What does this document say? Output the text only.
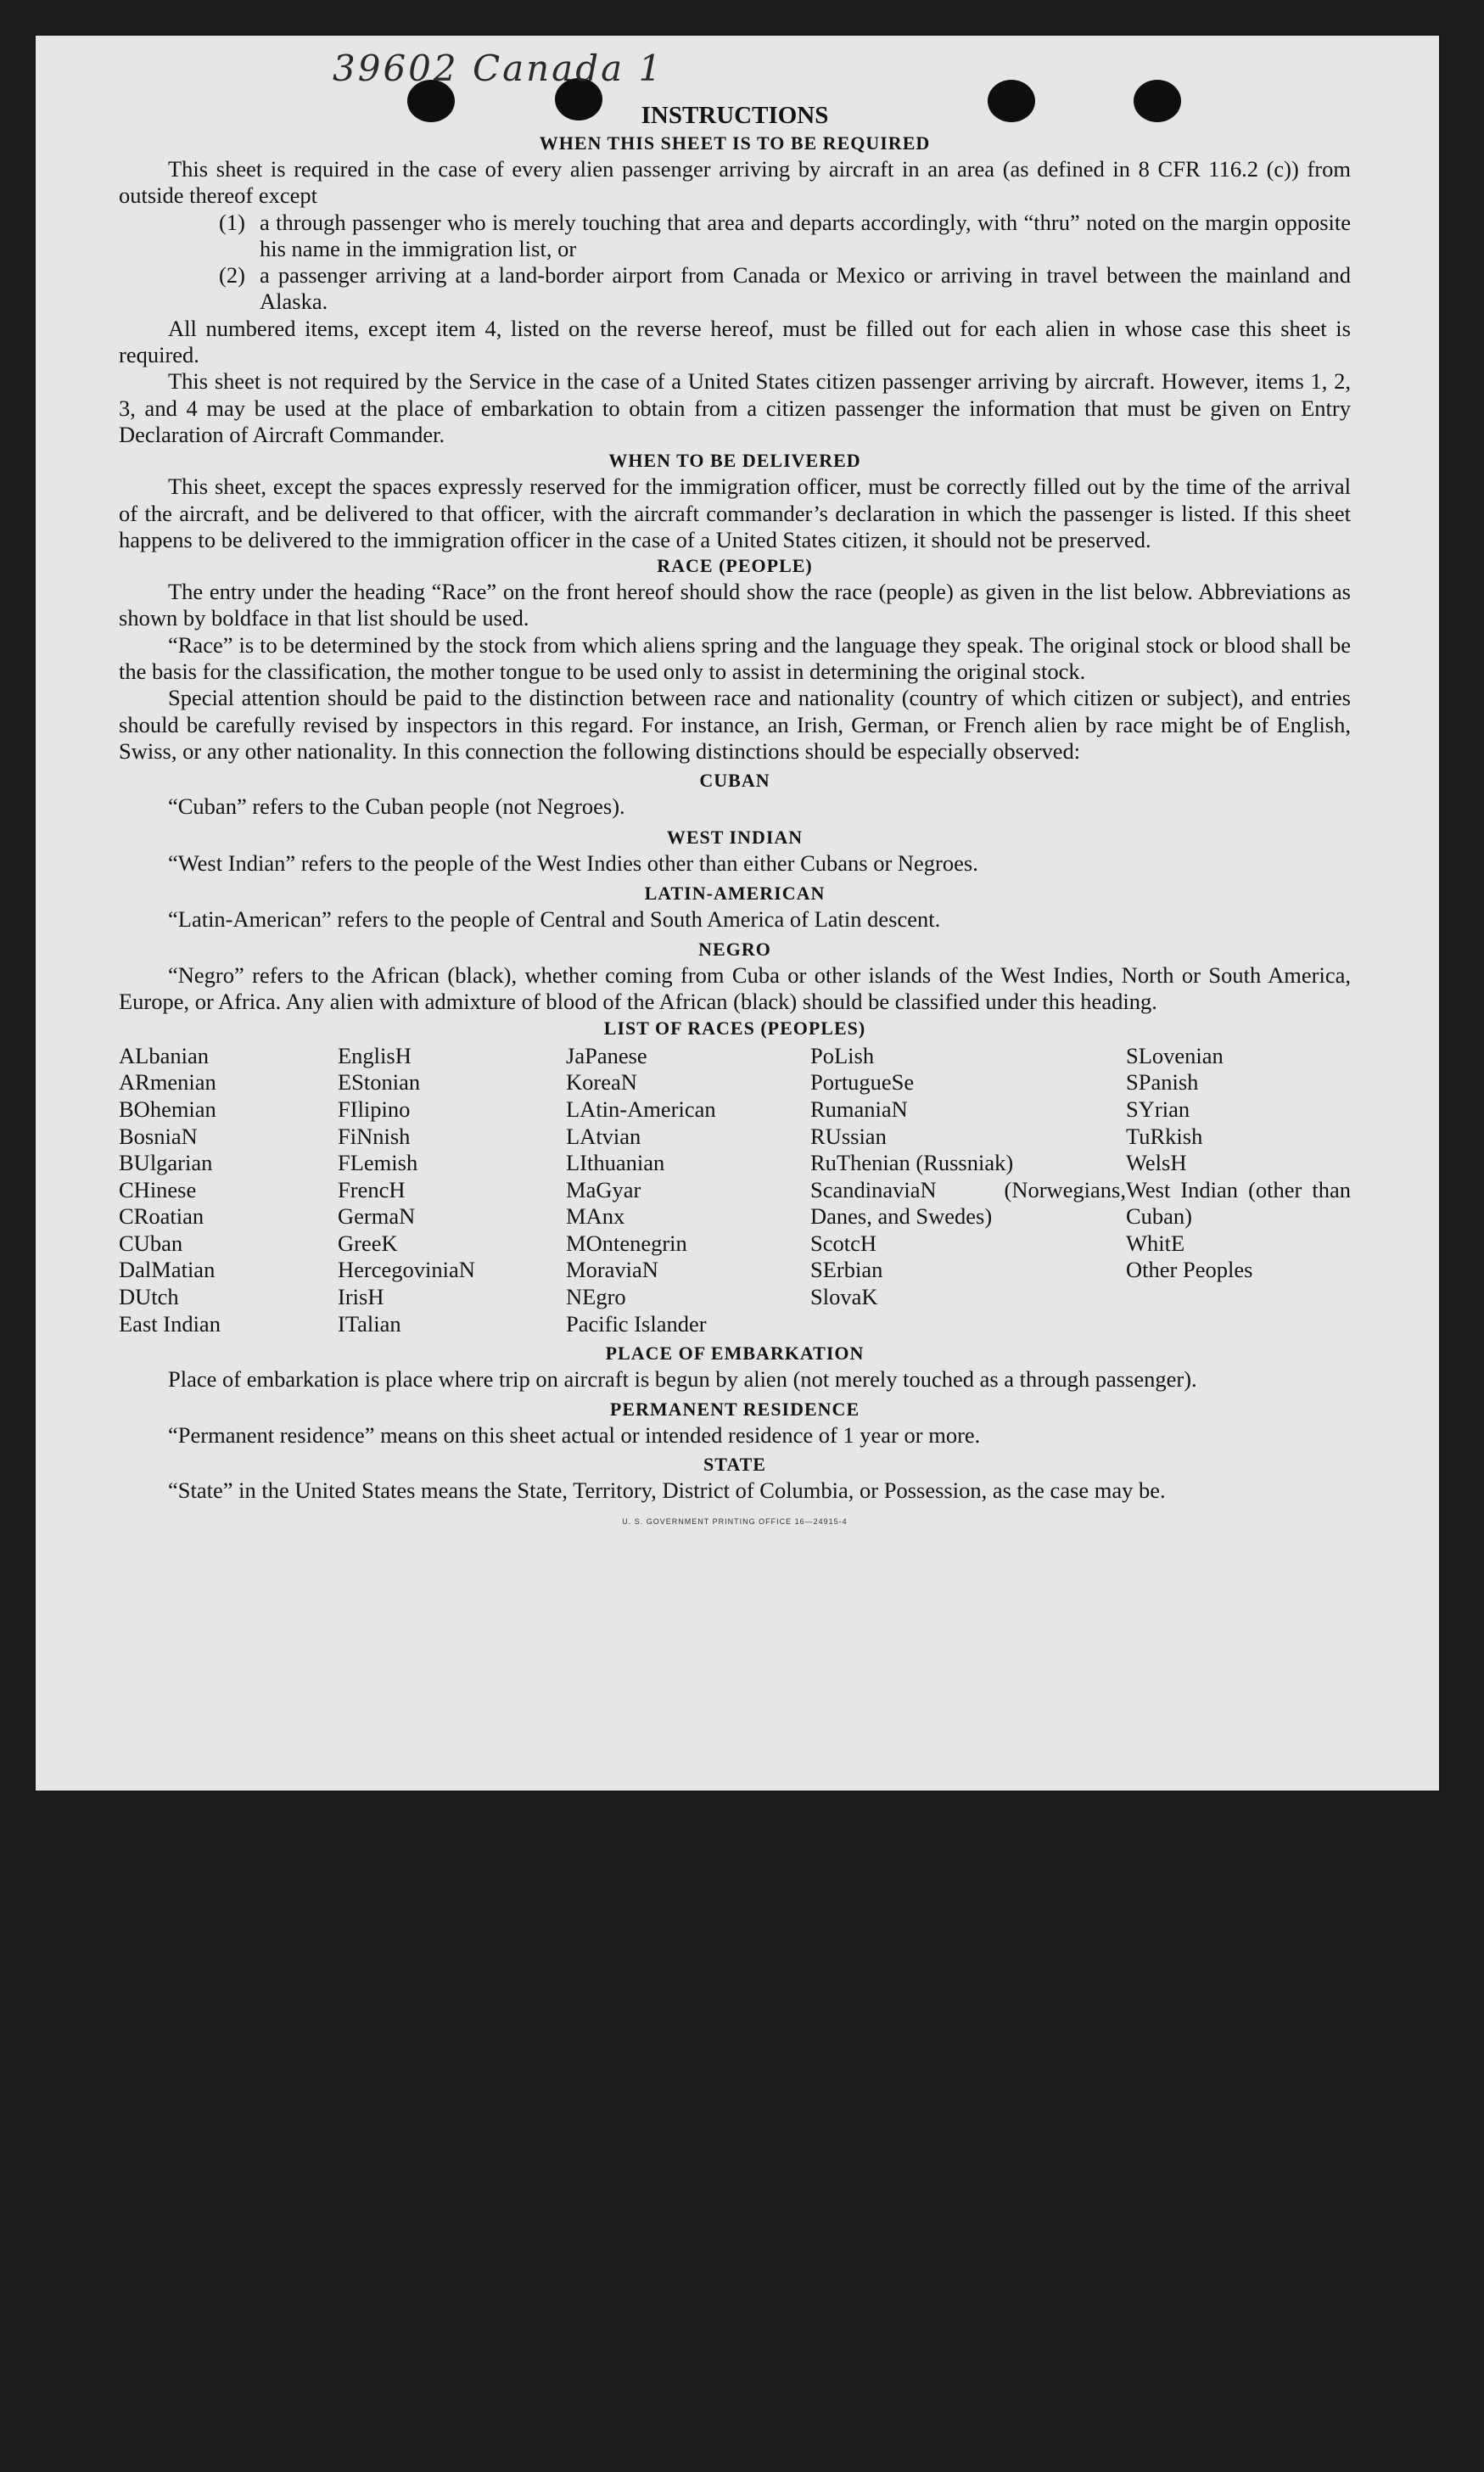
39602 Canada 1
INSTRUCTIONS
WHEN THIS SHEET IS TO BE REQUIRED

This sheet is required in the case of every alien passenger arriving by aircraft in an area (as defined in 8 CFR 116.2 (c)) from outside thereof except

(1) a through passenger who is merely touching that area and departs accordingly, with “thru” noted on the margin opposite his name in the immigration list, or
(2) a passenger arriving at a land-border airport from Canada or Mexico or arriving in travel between the mainland and Alaska.

All numbered items, except item 4, listed on the reverse hereof, must be filled out for each alien in whose case this sheet is required.

This sheet is not required by the Service in the case of a United States citizen passenger arriving by aircraft. However, items 1, 2, 3, and 4 may be used at the place of embarkation to obtain from a citizen passenger the information that must be given on Entry Declaration of Aircraft Commander.

WHEN TO BE DELIVERED

This sheet, except the spaces expressly reserved for the immigration officer, must be correctly filled out by the time of the arrival of the aircraft, and be delivered to that officer, with the aircraft commander’s declaration in which the passenger is listed. If this sheet happens to be delivered to the immigration officer in the case of a United States citizen, it should not be preserved.

RACE (PEOPLE)

The entry under the heading “Race” on the front hereof should show the race (people) as given in the list below. Abbreviations as shown by boldface in that list should be used.

“Race” is to be determined by the stock from which aliens spring and the language they speak. The original stock or blood shall be the basis for the classification, the mother tongue to be used only to assist in determining the original stock.

Special attention should be paid to the distinction between race and nationality (country of which citizen or subject), and entries should be carefully revised by inspectors in this regard. For instance, an Irish, German, or French alien by race might be of English, Swiss, or any other nationality. In this connection the following distinctions should be especially observed:

CUBAN

“Cuban” refers to the Cuban people (not Negroes).

WEST INDIAN

“West Indian” refers to the people of the West Indies other than either Cubans or Negroes.

LATIN-AMERICAN

“Latin-American” refers to the people of Central and South America of Latin descent.

NEGRO

“Negro” refers to the African (black), whether coming from Cuba or other islands of the West Indies, North or South America, Europe, or Africa. Any alien with admixture of blood of the African (black) should be classified under this heading.

LIST OF RACES (PEOPLES)
ALbanian
ARmenian
BOhemian
BosniaN
BUlgarian
CHinese
CRoatian
CUban
DalMatian
DUtch
East Indian
EnglisH
EStonian
FIlipino
FiNnish
FLemish
FrencH
GermaN
GreeK
HercegoviniaN
IrisH
ITalian
JaPanese
KoreaN
LAtin-American
LAtvian
LIthuanian
MaGyar
MAnx
MOntenegrin
MoraviaN
NEgro
Pacific Islander
PoLish
PortugueSe
RumaniaN
RUssian
RuThenian (Russniak)
ScandinaviaN (Norwegians, Danes, and Swedes)
ScotcH
SErbian
SlovaK
SLovenian
SPanish
SYrian
TuRkish
WelsH
West Indian (other than Cuban)
WhitE
Other Peoples
PLACE OF EMBARKATION

Place of embarkation is place where trip on aircraft is begun by alien (not merely touched as a through passenger).

PERMANENT RESIDENCE

“Permanent residence” means on this sheet actual or intended residence of 1 year or more.

STATE

“State” in the United States means the State, Territory, District of Columbia, or Possession, as the case may be.

U. S. GOVERNMENT PRINTING OFFICE 16—24915-4
